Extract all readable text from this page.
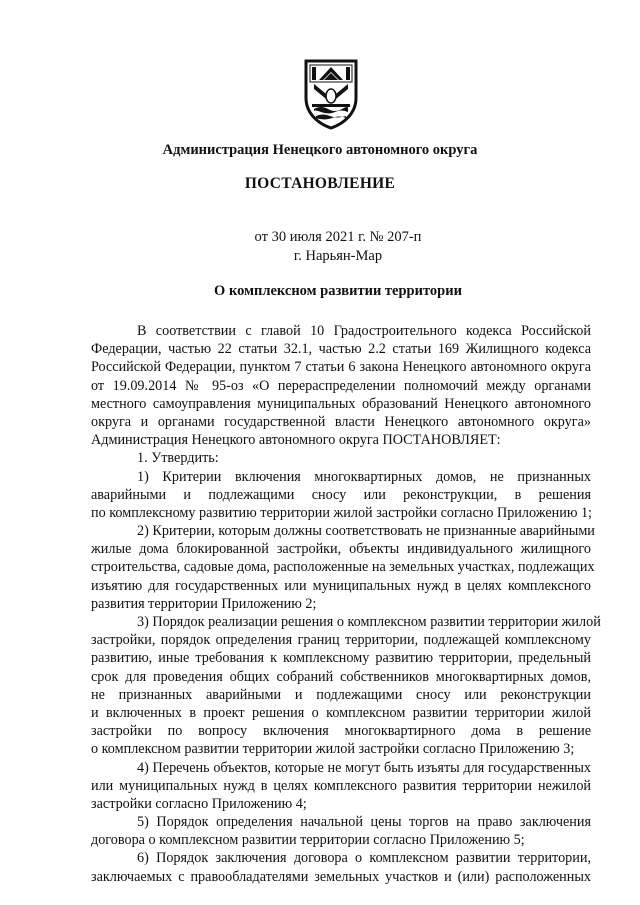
Администрация Ненецкого автономного округа
ПОСТАНОВЛЕНИЕ
от 30 июля 2021 г. № 207-п
г. Нарьян-Мар
О комплексном развитии территории
В соответствии с главой 10 Градостроительного кодекса Российской
Федерации, частью 22 статьи 32.1, частью 2.2 статьи 169 Жилищного кодекса
Российской Федерации, пунктом 7 статьи 6 закона Ненецкого автономного округа
от 19.09.2014 № 95-оз «О перераспределении полномочий между органами
местного самоуправления муниципальных образований Ненецкого автономного
округа и органами государственной власти Ненецкого автономного округа»
Администрация Ненецкого автономного округа ПОСТАНОВЛЯЕТ:
1. Утвердить:
1) Критерии включения многоквартирных домов, не признанных
аварийными и подлежащими сносу или реконструкции, в решения
по комплексному развитию территории жилой застройки согласно Приложению 1;
2) Критерии, которым должны соответствовать не признанные аварийными
жилые дома блокированной застройки, объекты индивидуального жилищного
строительства, садовые дома, расположенные на земельных участках, подлежащих
изъятию для государственных или муниципальных нужд в целях комплексного
развития территории Приложению 2;
3) Порядок реализации решения о комплексном развитии территории жилой
застройки, порядок определения границ территории, подлежащей комплексному
развитию, иные требования к комплексному развитию территории, предельный
срок для проведения общих собраний собственников многоквартирных домов,
не признанных аварийными и подлежащими сносу или реконструкции
и включенных в проект решения о комплексном развитии территории жилой
застройки по вопросу включения многоквартирного дома в решение
о комплексном развитии территории жилой застройки согласно Приложению 3;
4) Перечень объектов, которые не могут быть изъяты для государственных
или муниципальных нужд в целях комплексного развития территории нежилой
застройки согласно Приложению 4;
5) Порядок определения начальной цены торгов на право заключения
договора о комплексном развитии территории согласно Приложению 5;
6) Порядок заключения договора о комплексном развитии территории,
заключаемых с правообладателями земельных участков и (или) расположенных
